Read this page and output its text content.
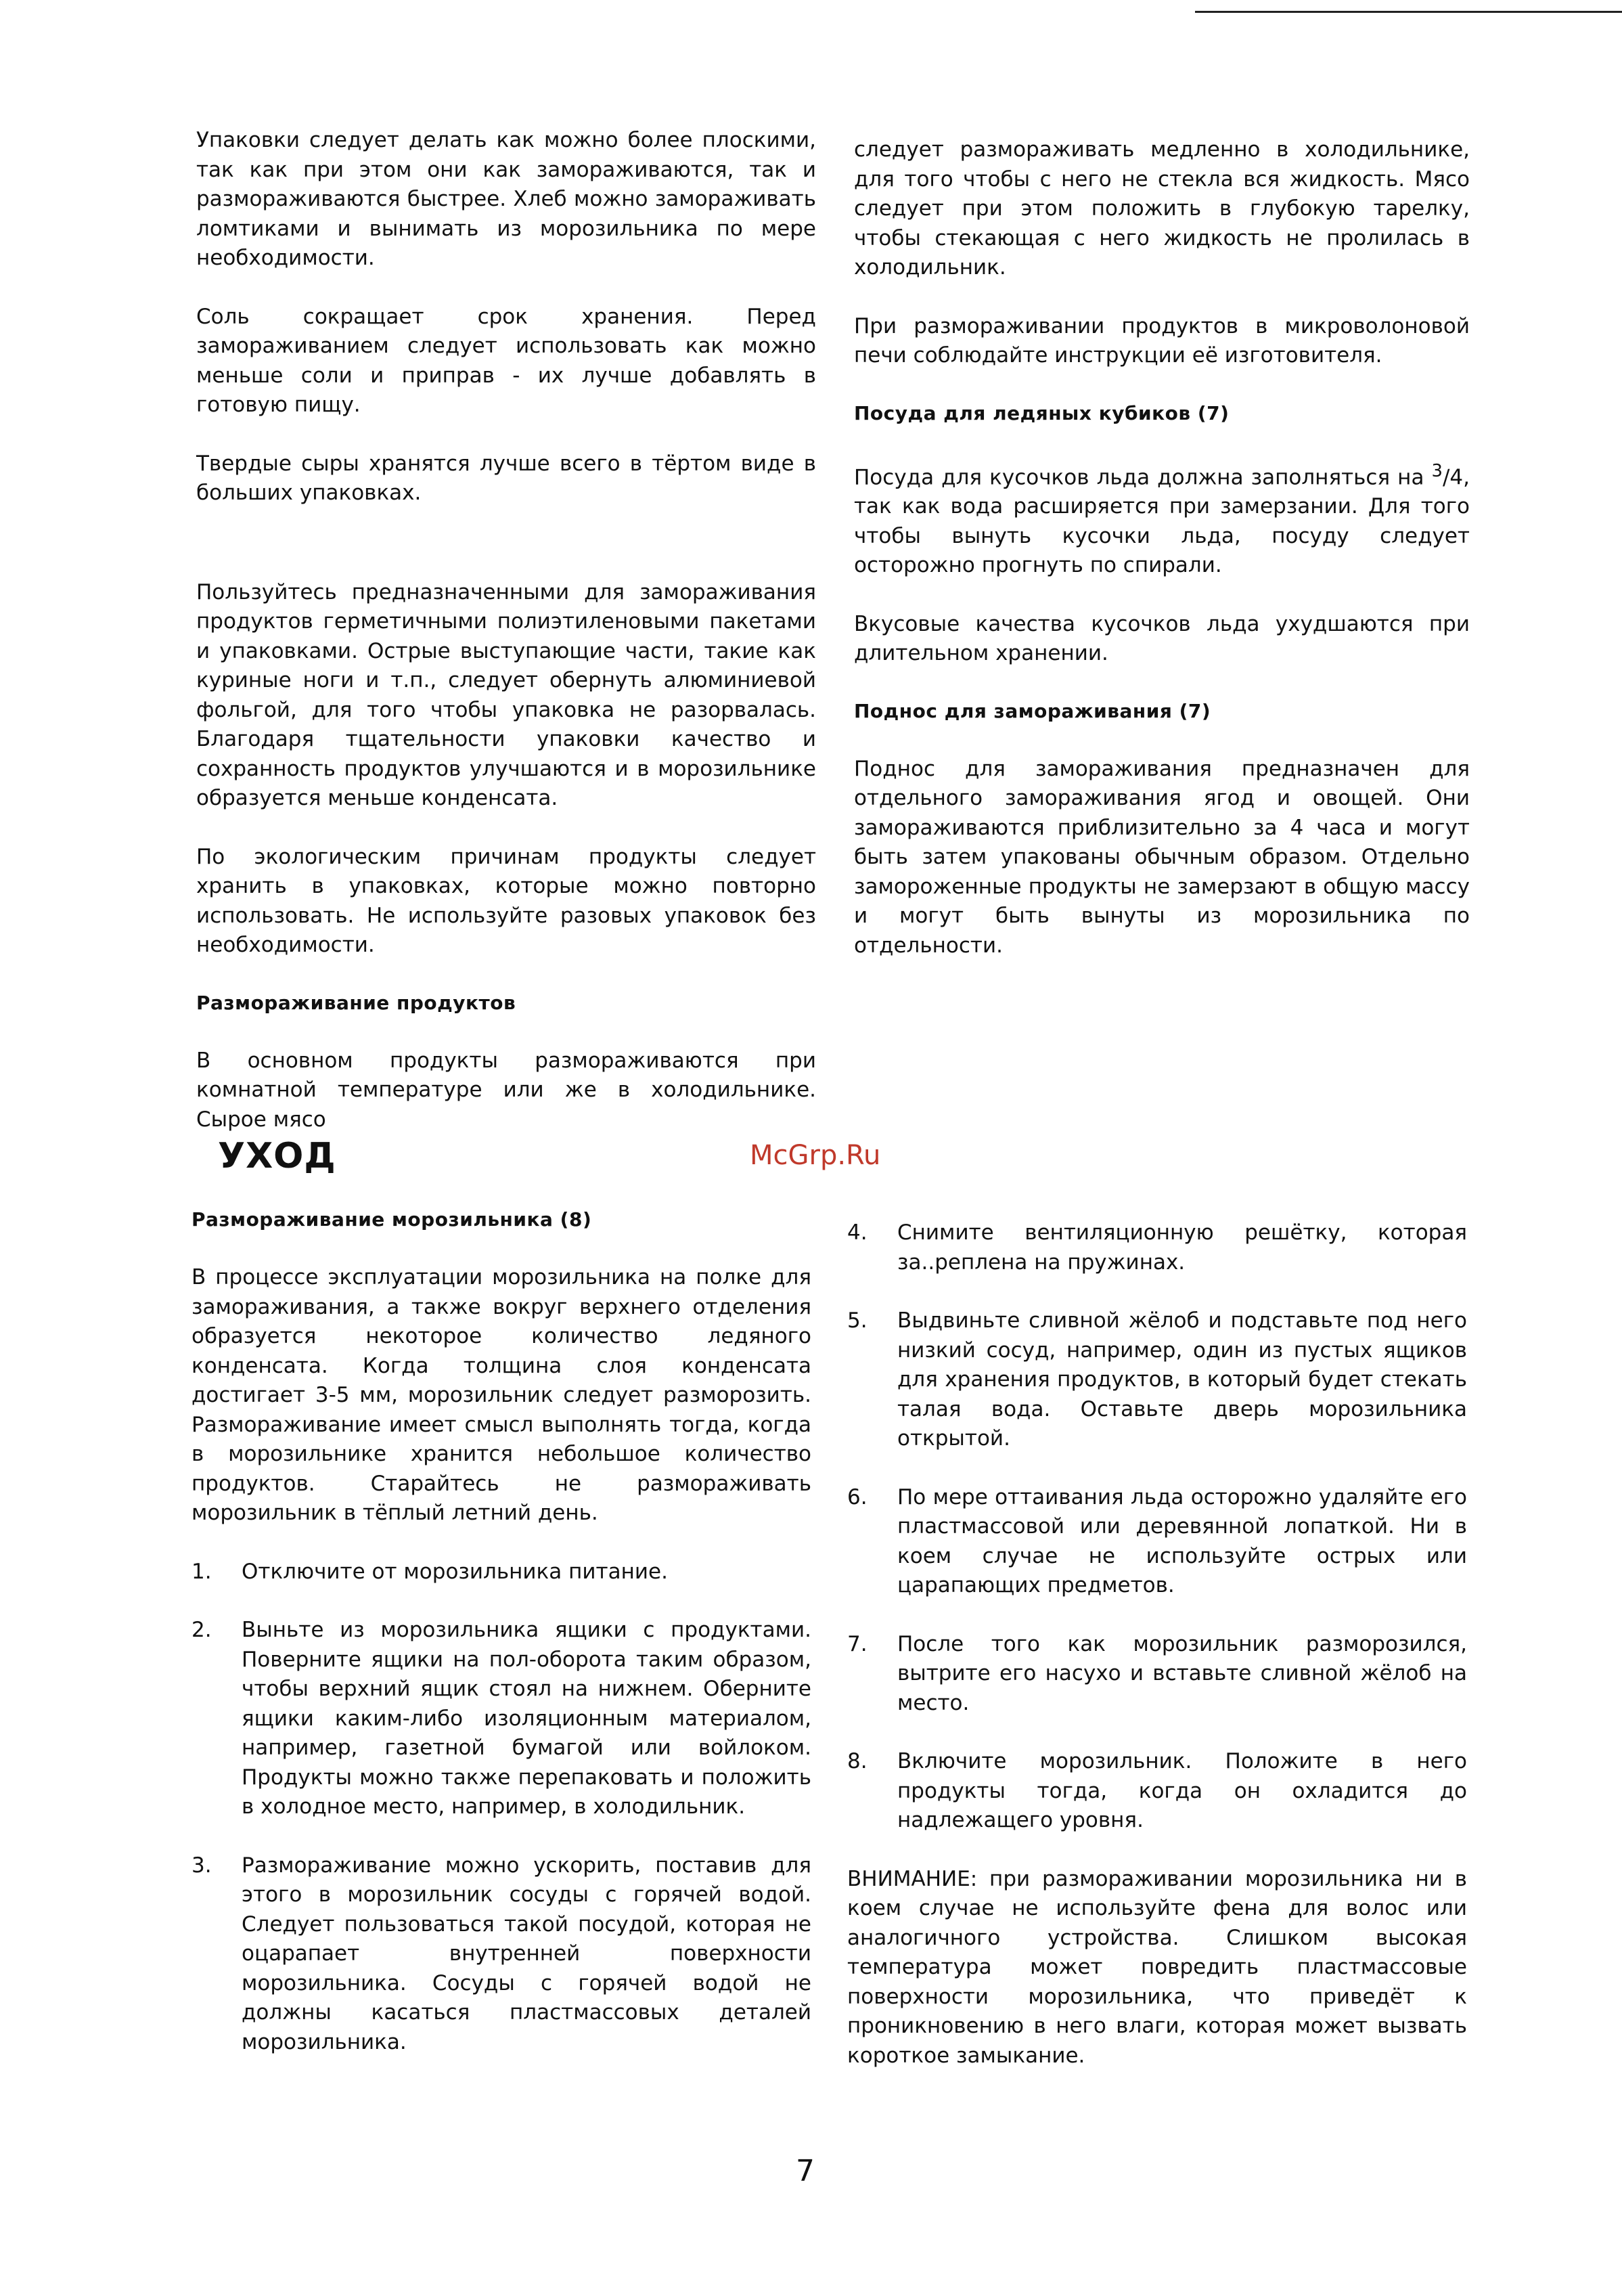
Упаковки следует делать как можно более плоскими, так как при этом они как замораживаются, так и размораживаются быстрее. Хлеб можно замораживать ломтиками и вынимать из морозильника по мере необходимости.

Соль сокращает срок хранения. Перед замораживанием следует использовать как можно меньше соли и приправ - их лучше добавлять в готовую пищу.

Твердые сыры хранятся лучше всего в тёртом виде в больших упаковках.

Пользуйтесь предназначенными для замораживания продуктов герметичными полиэтиленовыми пакетами и упаковками. Острые выступающие части, такие как куриные ноги и т.п., следует обернуть алюминиевой фольгой, для того чтобы упаковка не разорвалась. Благодаря тщательности упаковки качество и сохранность продуктов улучшаются и в морозильнике образуется меньше конденсата.

По экологическим причинам продукты следует хранить в упаковках, которые можно повторно использовать. Не используйте разовых упаковок без необходимости.

Размораживание продуктов

В основном продукты размораживаются при комнатной температуре или же в холодильнике. Сырое мясо

следует размораживать медленно в холодильнике, для того чтобы с него не стекла вся жидкость. Мясо следует при этом положить в глубокую тарелку, чтобы стекающая с него жидкость не пролилась в холодильник.

При размораживании продуктов в микроволоновой печи соблюдайте инструкции её изготовителя.

Посуда для ледяных кубиков (7)

Посуда для кусочков льда должна заполняться на $^3$/4, так как вода расширяется при замерзании. Для того чтобы вынуть кусочки льда, посуду следует осторожно прогнуть по спирали.

Вкусовые качества кусочков льда ухудшаются при длительном хранении.

Поднос для замораживания (7)

Поднос для замораживания предназначен для отдельного замораживания ягод и овощей. Они замораживаются приблизительно за 4 часа и могут быть затем упакованы обычным образом. Отдельно замороженные продукты не замерзают в общую массу и могут быть вынуты из морозильника по отдельности.

УХОД	McGrp.Ru
Размораживание морозильника (8)

В процессе эксплуатации морозильника на полке для замораживания, а также вокруг верхнего отделения образуется некоторое количество ледяного конденсата. Когда толщина слоя конденсата достигает 3-5 мм, морозильник следует разморозить. Размораживание имеет смысл выполнять тогда, когда в морозильнике хранится небольшое количество продуктов. Старайтесь не размораживать морозильник в тёплый летний день.

1.	Отключите от морозильника питание.
2.	Выньте из морозильника ящики с продуктами. Поверните ящики на пол-оборота таким образом, чтобы верхний ящик стоял на нижнем. Оберните ящики каким-либо изоляционным материалом, например, газетной бумагой или войлоком. Продукты можно также перепаковать и положить в холодное место, например, в холодильник.
3.	Размораживание можно ускорить, поставив для этого в морозильник сосуды с горячей водой. Следует пользоваться такой посудой, которая не оцарапает внутренней поверхности морозильника. Сосуды с горячей водой не должны касаться пластмассовых деталей морозильника.
4.	Снимите вентиляционную решётку, которая за..реплена на пружинах.
5.	Выдвиньте сливной жёлоб и подставьте под него низкий сосуд, например, один из пустых ящиков для хранения продуктов, в который будет стекать талая вода. Оставьте дверь морозильника открытой.
6.	По мере оттаивания льда осторожно удаляйте его пластмассовой или деревянной лопаткой. Ни в коем случае не используйте острых или царапающих предметов.
7.	После того как морозильник разморозился, вытрите его насухо и вставьте сливной жёлоб на место.
8.	Включите морозильник. Положите в него продукты тогда, когда он охладится до надлежащего уровня.

ВНИМАНИЕ: при размораживании морозильника ни в коем случае не используйте фена для волос или аналогичного устройства. Слишком высокая температура может повредить пластмассовые поверхности морозильника, что приведёт к проникновению в него влаги, которая может вызвать короткое замыкание.

7
